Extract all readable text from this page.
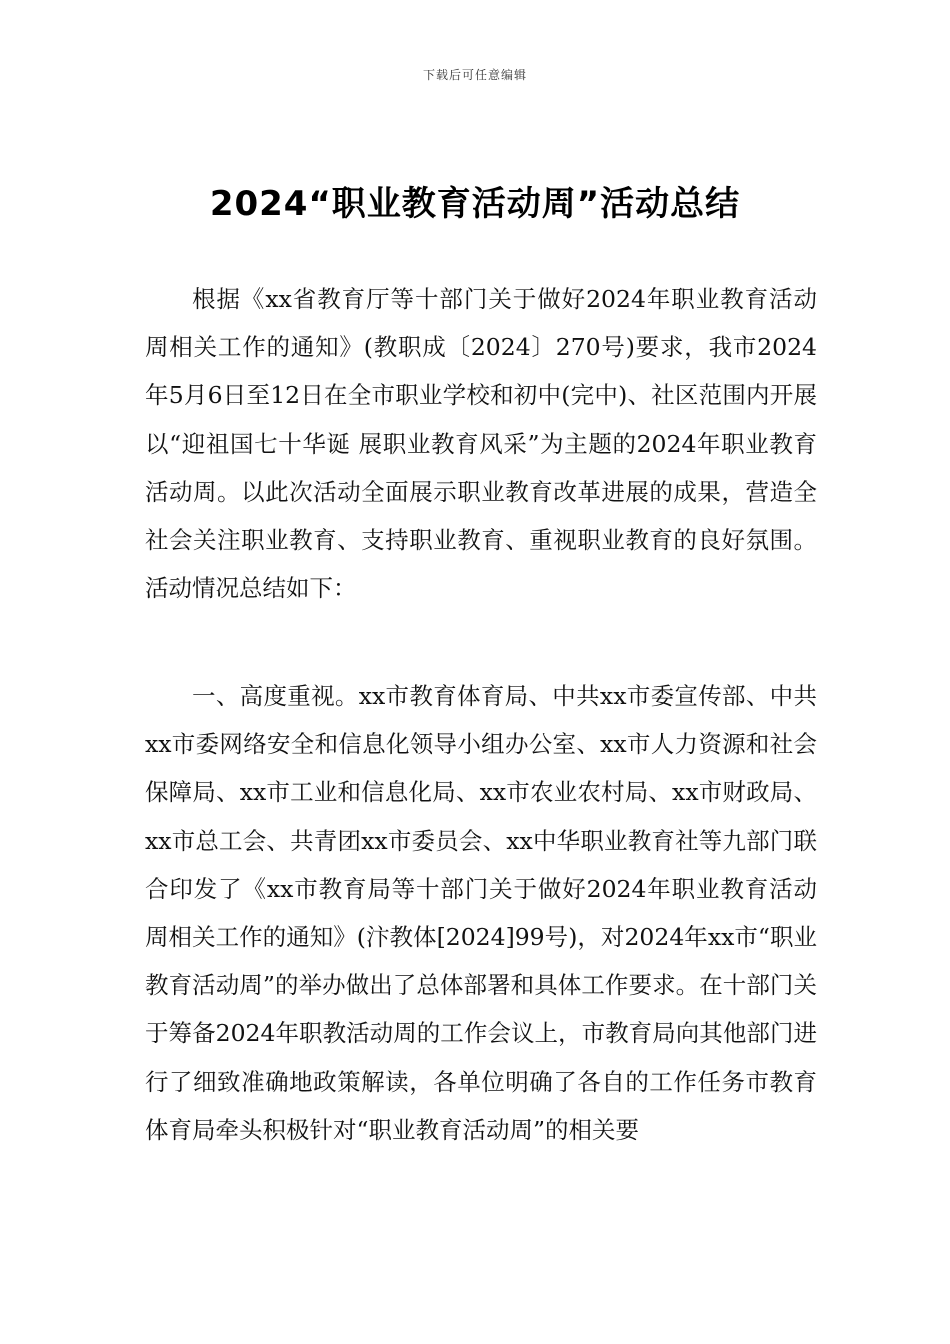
下载后可任意编辑
2024“职业教育活动周”活动总结

根据《xx省教育厅等十部门关于做好2024年职业教育活动周相关工作的通知》(教职成〔2024〕270号)要求，我市2024年5月6日至12日在全市职业学校和初中(完中)、社区范围内开展以“迎祖国七十华诞 展职业教育风采”为主题的2024年职业教育活动周。以此次活动全面展示职业教育改革进展的成果，营造全社会关注职业教育、支持职业教育、重视职业教育的良好氛围。活动情况总结如下：

一、高度重视。xx市教育体育局、中共xx市委宣传部、中共xx市委网络安全和信息化领导小组办公室、xx市人力资源和社会保障局、xx市工业和信息化局、xx市农业农村局、xx市财政局、xx市总工会、共青团xx市委员会、xx中华职业教育社等九部门联合印发了《xx市教育局等十部门关于做好2024年职业教育活动周相关工作的通知》(汴教体[2024]99号)，对2024年xx市“职业教育活动周”的举办做出了总体部署和具体工作要求。在十部门关于筹备2024年职教活动周的工作会议上，市教育局向其他部门进行了细致准确地政策解读，各单位明确了各自的工作任务市教育体育局牵头积极针对“职业教育活动周”的相关要
